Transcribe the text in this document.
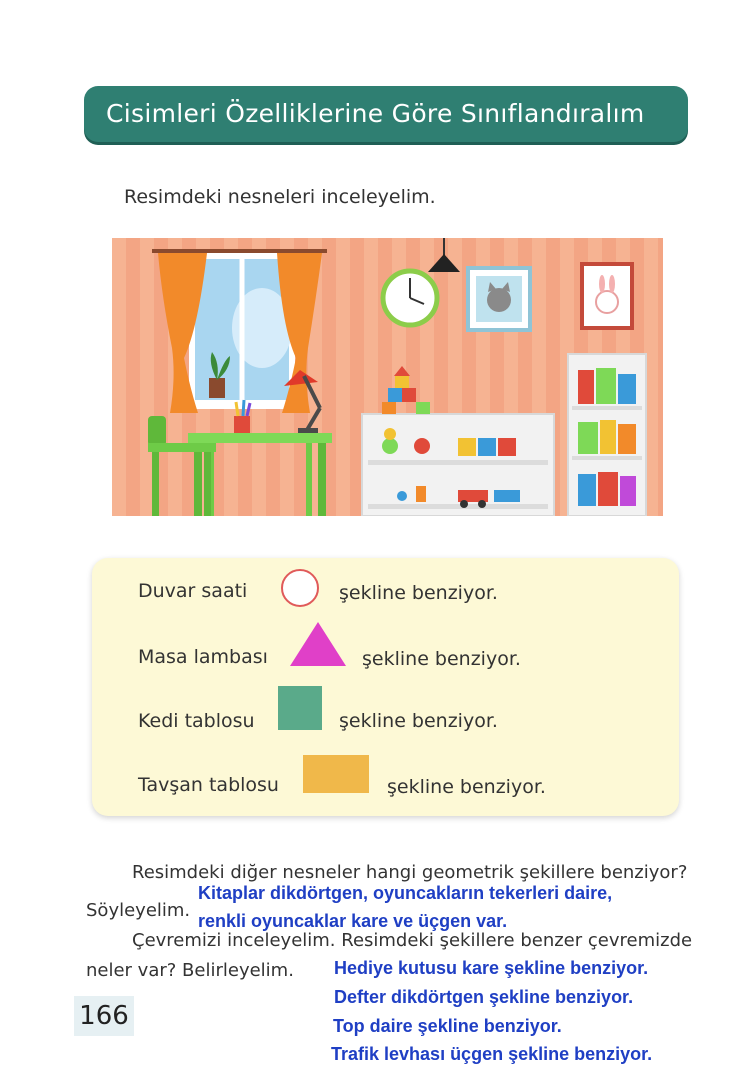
Cisimleri Özelliklerine Göre Sınıflandıralım
Resimdeki nesneleri inceleyelim.
Duvar saati	şekline benziyor.
Masa lambası	şekline benziyor.
Kedi tablosu	şekline benziyor.
Tavşan tablosu	şekline benziyor.
Resimdeki diğer nesneler hangi geometrik şekillere benziyor?
Söyleyelim.
Çevremizi inceleyelim. Resimdeki şekillere benzer çevremizde
neler var? Belirleyelim.
Kitaplar dikdörtgen, oyuncakların tekerleri daire,
renkli oyuncaklar kare ve üçgen var.
Hediye kutusu kare şekline benziyor.
Defter dikdörtgen şekline benziyor.
Top daire şekline benziyor.
Trafik levhası üçgen şekline benziyor.
166
